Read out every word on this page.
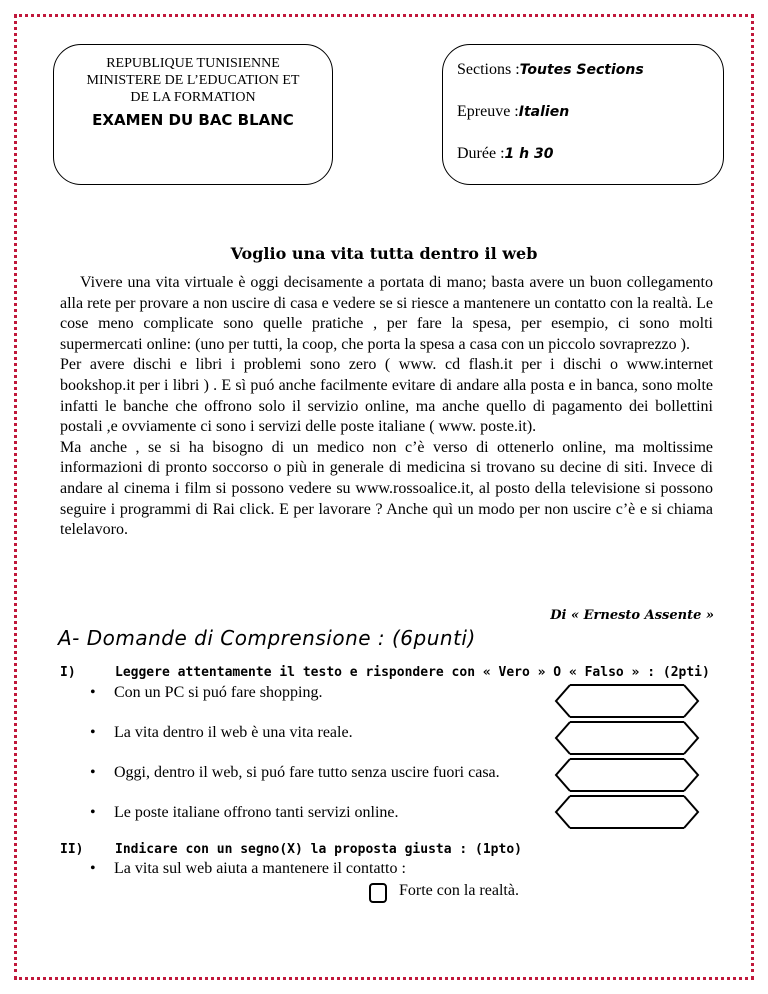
REPUBLIQUE TUNISIENNE
MINISTERE DE L’EDUCATION ET
DE LA FORMATION
EXAMEN DU BAC BLANC
Sections :Toutes Sections
Epreuve :Italien
Durée :1 h 30
Voglio una vita tutta dentro il web

Vivere una vita virtuale è oggi decisamente a portata di mano; basta avere un buon collegamento alla rete per provare a non uscire di casa e vedere se si riesce a mantenere un contatto con la realtà. Le cose meno complicate sono quelle pratiche , per fare la spesa, per esempio, ci sono molti supermercati online: (uno per tutti, la coop, che porta la spesa a casa con un piccolo sovraprezzo ).

Per avere dischi e libri i problemi sono zero ( www. cd flash.it per i dischi o www.internet bookshop.it per i libri ) . E sì puó anche facilmente evitare di andare alla posta e in banca, sono molte infatti le banche che offrono solo il servizio online, ma anche quello di pagamento dei bollettini postali ,e ovviamente ci sono i servizi delle poste italiane ( www. poste.it).

Ma anche , se si ha bisogno di un medico non c’è verso di ottenerlo online, ma moltissime informazioni di pronto soccorso o più in generale di medicina si trovano su decine di siti. Invece di andare al cinema i film si possono vedere su www.rossoalice.it, al posto della televisione si possono seguire i programmi di Rai click. E per lavorare ? Anche quì un modo per non uscire c’è e si chiama telelavoro.

Di « Ernesto Assente »
A- Domande di Comprensione : (6punti)
I)	Leggere attentamente il testo e rispondere con « Vero » O « Falso » : (2pti)
• Con un PC si puó fare shopping.
• La vita dentro il web è una vita reale.
• Oggi, dentro il web, si puó fare tutto senza uscire fuori casa.
• Le poste italiane offrono tanti servizi online.
II) Indicare con un segno(X) la proposta giusta : (1pto)
• La vita sul web aiuta a mantenere il contatto :
Forte con la realtà.
